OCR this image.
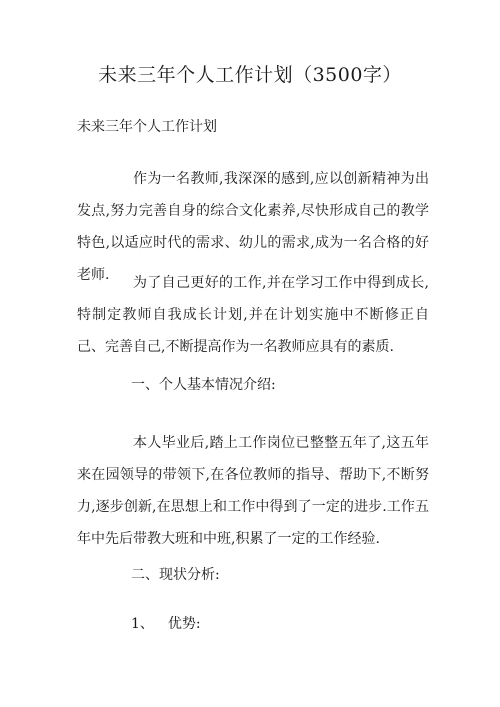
未来三年个人工作计划（3500字）
未来三年个人工作计划

作为一名教师,我深深的感到,应以创新精神为出发点,努力完善自身的综合文化素养,尽快形成自己的教学特色,以适应时代的需求、幼儿的需求,成为一名合格的好老师.	为了自己更好的工作,并在学习工作中得到成长,特制定教师自我成长计划,并在计划实施中不断修正自己、完善自己,不断提高作为一名教师应具有的素质.

一、个人基本情况介绍:

本人毕业后,踏上工作岗位已整整五年了,这五年来在园领导的带领下,在各位教师的指导、帮助下,不断努力,逐步创新,在思想上和工作中得到了一定的进步.工作五年中先后带教大班和中班,积累了一定的工作经验.

二、现状分析:

1、 优势:
